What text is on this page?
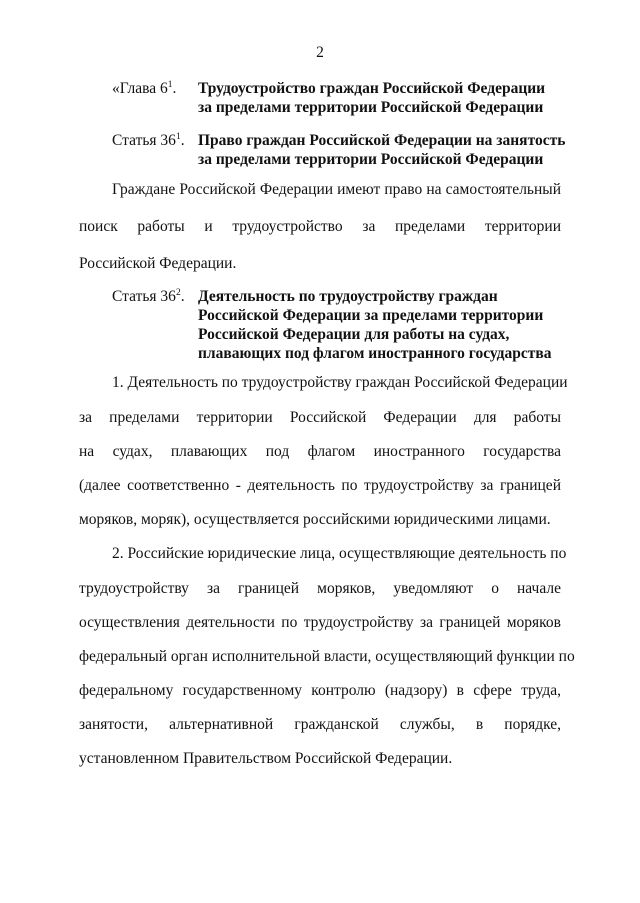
2
«Глава $6^1$. Трудоустройство граждан Российской Федерации
за пределами территории Российской Федерации
Статья $36^1$. Право граждан Российской Федерации на занятость
за пределами территории Российской Федерации
Граждане Российской Федерации имеют право на самостоятельный
поиск работы и трудоустройство за пределами территории
Российской Федерации.
Статья $36^2$. Деятельность по трудоустройству граждан
Российской Федерации за пределами территории
Российской Федерации для работы на судах,
плавающих под флагом иностранного государства
1. Деятельность по трудоустройству граждан Российской Федерации
за пределами территории Российской Федерации для работы
на судах, плавающих под флагом иностранного государства
(далее соответственно - деятельность по трудоустройству за границей
моряков, моряк), осуществляется российскими юридическими лицами.
2. Российские юридические лица, осуществляющие деятельность по
трудоустройству за границей моряков, уведомляют о начале
осуществления деятельности по трудоустройству за границей моряков
федеральный орган исполнительной власти, осуществляющий функции по
федеральному государственному контролю (надзору) в сфере труда,
занятости, альтернативной гражданской службы, в порядке,
установленном Правительством Российской Федерации.
